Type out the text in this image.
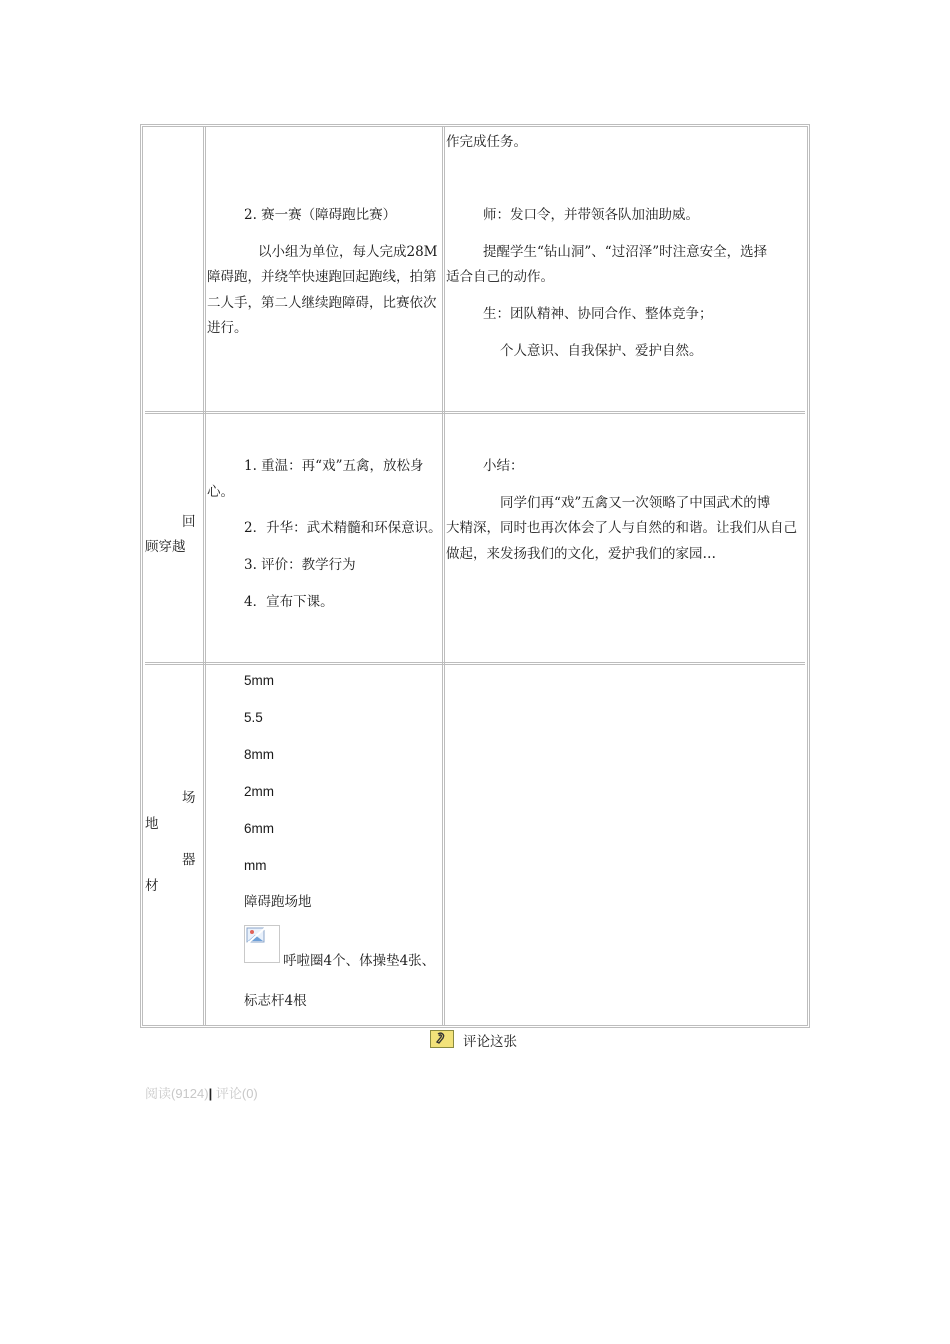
作完成任务。
2. 赛一赛（障碍跑比赛）
以小组为单位，每人完成28M
障碍跑，并绕竿快速跑回起跑线，拍第
二人手，第二人继续跑障碍，比赛依次
进行。
师：发口令，并带领各队加油助威。
提醒学生“钻山洞”、“过沼泽”时注意安全，选择
适合自己的动作。
生：团队精神、协同合作、整体竞争；
个人意识、自我保护、爱护自然。
回
顾穿越
1. 重温：再“戏”五禽，放松身
心。
2．升华：武术精髓和环保意识。
3. 评价：教学行为
4．宣布下课。
小结：
同学们再“戏”五禽又一次领略了中国武术的博
大精深，同时也再次体会了人与自然的和谐。让我们从自己
做起，来发扬我们的文化，爱护我们的家园…
场
地
器
材
5mm
5.5
8mm
2mm
6mm
mm
障碍跑场地
呼啦圈4个、体操垫4张、
标志杆4根
评论这张
阅读(9124)| 评论(0)
